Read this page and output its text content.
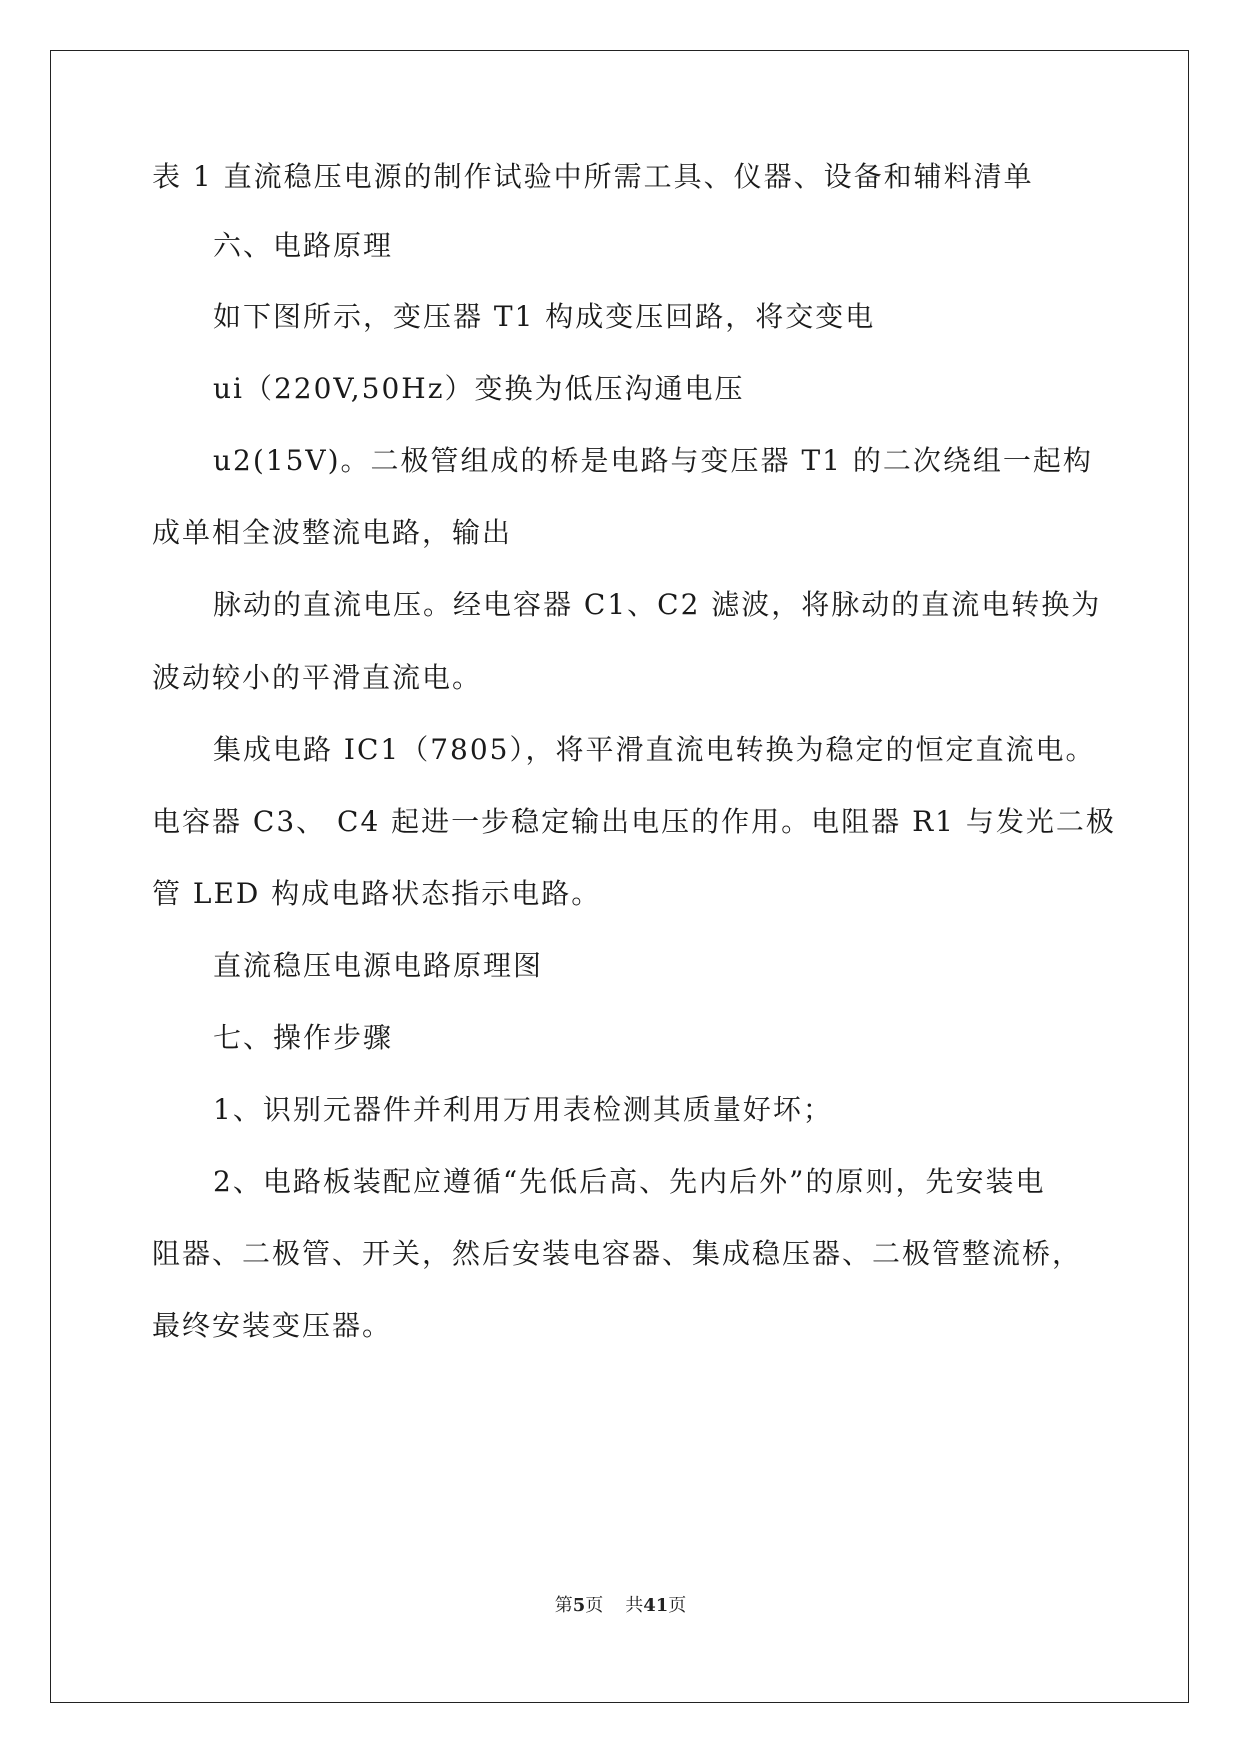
表 1 直流稳压电源的制作试验中所需工具、仪器、设备和辅料清单
六、电路原理
如下图所示，变压器 T1 构成变压回路，将交变电
ui（220V,50Hz）变换为低压沟通电压
u2(15V)。二极管组成的桥是电路与变压器 T1 的二次绕组一起构
成单相全波整流电路，输出
脉动的直流电压。经电容器 C1、C2 滤波，将脉动的直流电转换为
波动较小的平滑直流电。
集成电路 IC1（7805），将平滑直流电转换为稳定的恒定直流电。
电容器 C3、 C4 起进一步稳定输出电压的作用。电阻器 R1 与发光二极
管 LED 构成电路状态指示电路。
直流稳压电源电路原理图
七、操作步骤
1、识别元器件并利用万用表检测其质量好坏；
2、电路板装配应遵循“先低后高、先内后外”的原则，先安装电
阻器、二极管、开关，然后安装电容器、集成稳压器、二极管整流桥，
最终安装变压器。
第5页 共41页
